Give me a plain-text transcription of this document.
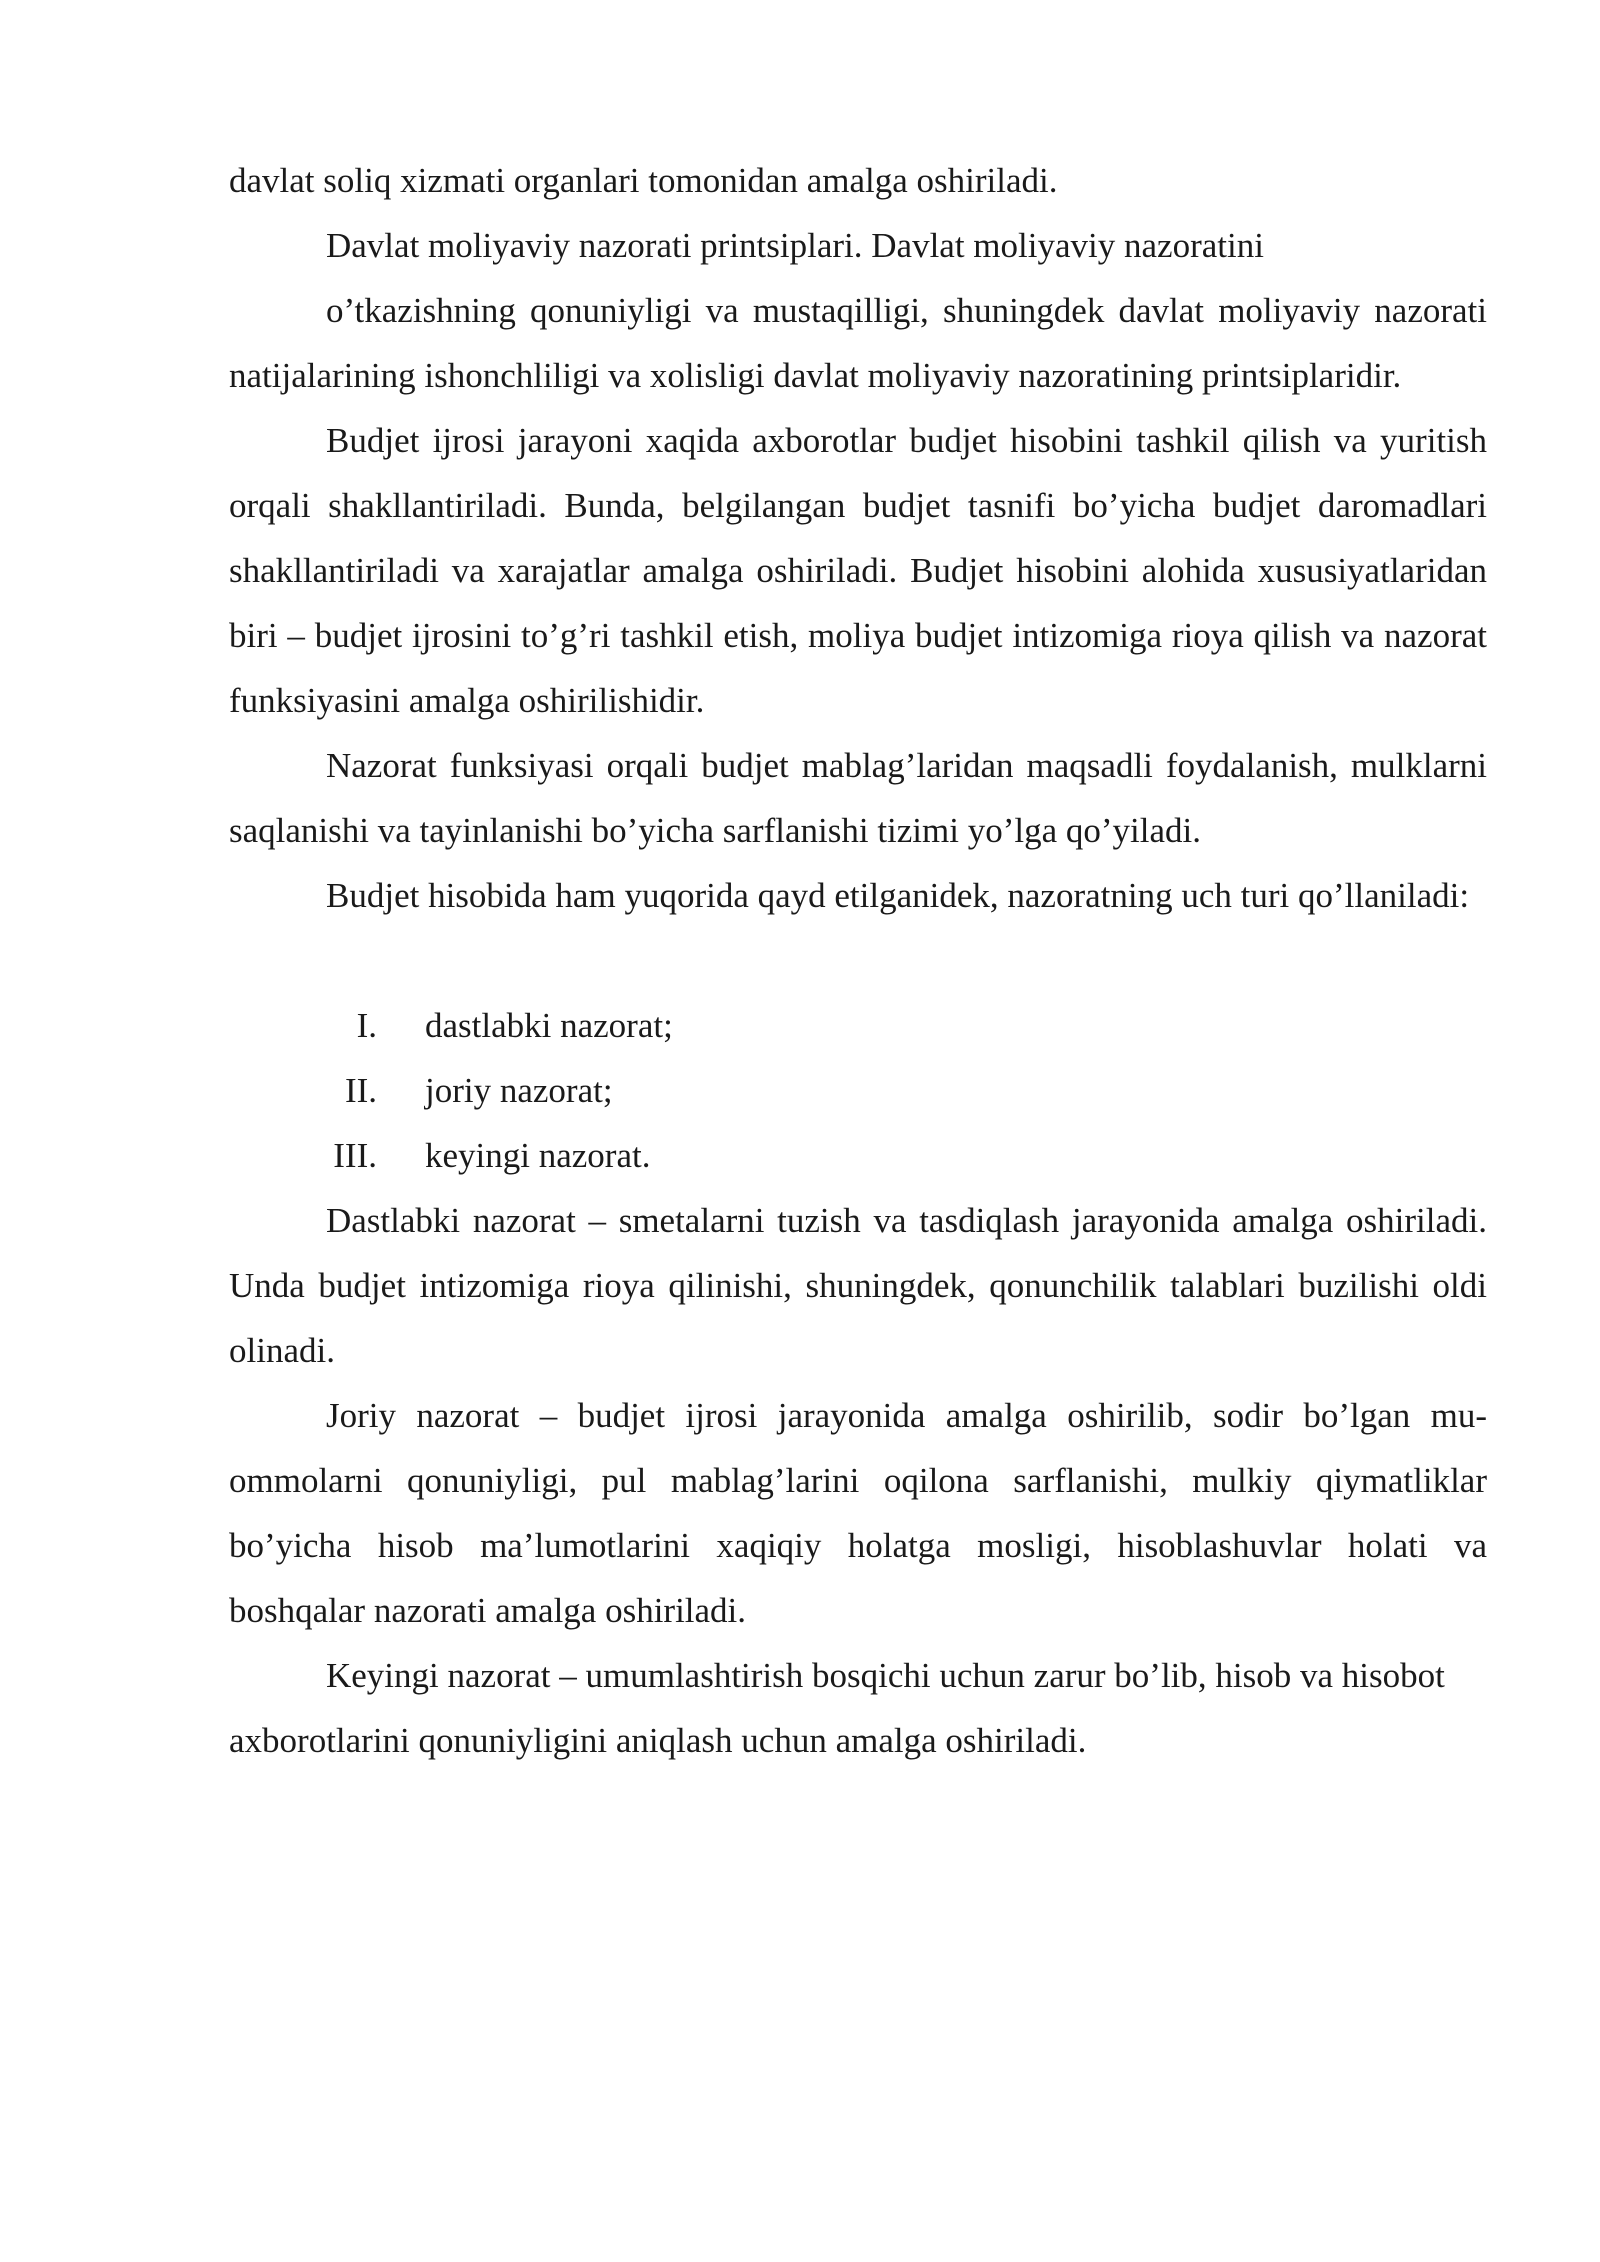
davlat soliq xizmati organlari tomonidan amalga oshiriladi.

Davlat moliyaviy nazorati printsiplari. Davlat moliyaviy nazoratini

o’tkazishning qonuniyligi va mustaqilligi, shuningdek davlat moliyaviy nazorati natijalarining ishonchliligi va xolisligi davlat moliyaviy nazoratining printsiplaridir.

Budjet ijrosi jarayoni xaqida axborotlar budjet hisobini tashkil qilish va yuritish orqali shakllantiriladi. Bunda, belgilangan budjet tasnifi bo’yicha budjet daromadlari shakllantiriladi va xarajatlar amalga oshiriladi. Budjet hisobini alohida xususiyatlaridan biri – budjet ijrosini to’g’ri tashkil etish, moliya budjet intizomiga rioya qilish va nazorat funksiyasini amalga oshirilishidir.

Nazorat funksiyasi orqali budjet mablag’laridan maqsadli foydalanish, mulklarni saqlanishi va tayinlanishi bo’yicha sarflanishi tizimi yo’lga qo’yiladi.

Budjet hisobida ham yuqorida qayd etilganidek, nazoratning uch turi qo’llaniladi:

I.	dastlabki nazorat;
II.	joriy nazorat;
III.	keyingi nazorat.

Dastlabki nazorat – smetalarni tuzish va tasdiqlash jarayonida amalga oshiriladi. Unda budjet intizomiga rioya qilinishi, shuningdek, qonunchilik talablari buzilishi oldi olinadi.

Joriy nazorat – budjet ijrosi jarayonida amalga oshirilib, sodir bo’lgan mu-ommolarni qonuniyligi, pul mablag’larini oqilona sarflanishi, mulkiy qiymatliklar bo’yicha hisob ma’lumotlarini xaqiqiy holatga mosligi, hisoblashuvlar holati va boshqalar nazorati amalga oshiriladi.

Keyingi nazorat – umumlashtirish bosqichi uchun zarur bo’lib, hisob va hisobot axborotlarini qonuniyligini aniqlash uchun amalga oshiriladi.
